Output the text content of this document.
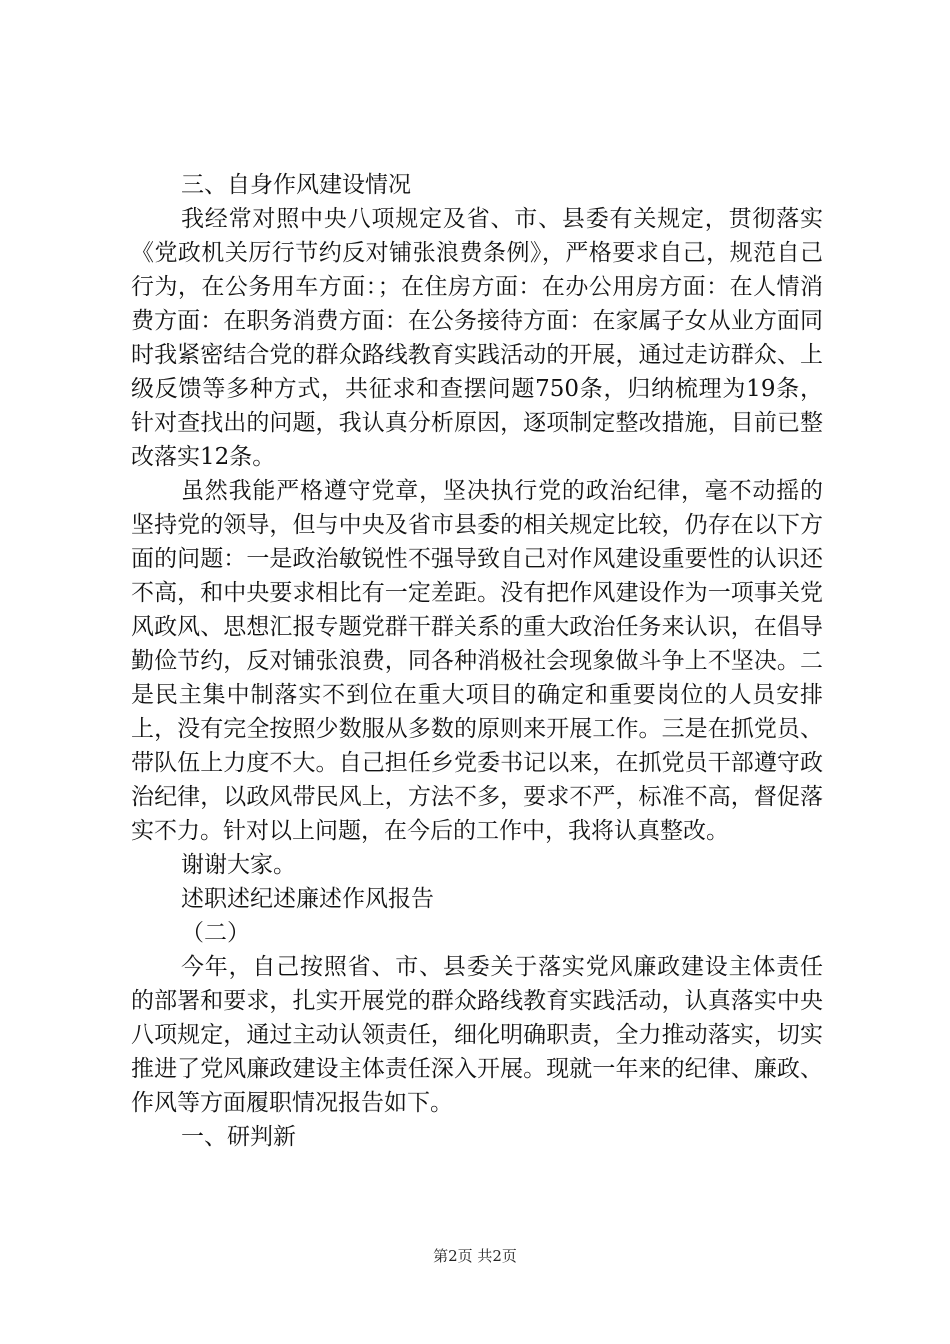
三、自身作风建设情况

我经常对照中央八项规定及省、市、县委有关规定，贯彻落实《党政机关厉行节约反对铺张浪费条例》，严格要求自己，规范自己行为，在公务用车方面：；在住房方面：在办公用房方面：在人情消费方面：在职务消费方面：在公务接待方面：在家属子女从业方面同时我紧密结合党的群众路线教育实践活动的开展，通过走访群众、上级反馈等多种方式，共征求和查摆问题750条，归纳梳理为19条，针对查找出的问题，我认真分析原因，逐项制定整改措施，目前已整改落实12条。

虽然我能严格遵守党章，坚决执行党的政治纪律，毫不动摇的坚持党的领导，但与中央及省市县委的相关规定比较，仍存在以下方面的问题：一是政治敏锐性不强导致自己对作风建设重要性的认识还不高，和中央要求相比有一定差距。没有把作风建设作为一项事关党风政风、思想汇报专题党群干群关系的重大政治任务来认识，在倡导勤俭节约，反对铺张浪费，同各种消极社会现象做斗争上不坚决。二是民主集中制落实不到位在重大项目的确定和重要岗位的人员安排上，没有完全按照少数服从多数的原则来开展工作。三是在抓党员、带队伍上力度不大。自己担任乡党委书记以来，在抓党员干部遵守政治纪律，以政风带民风上，方法不多，要求不严，标准不高，督促落实不力。针对以上问题，在今后的工作中，我将认真整改。

谢谢大家。

述职述纪述廉述作风报告

（二）

今年，自己按照省、市、县委关于落实党风廉政建设主体责任的部署和要求，扎实开展党的群众路线教育实践活动，认真落实中央八项规定，通过主动认领责任，细化明确职责，全力推动落实，切实推进了党风廉政建设主体责任深入开展。现就一年来的纪律、廉政、作风等方面履职情况报告如下。

一、研判新

第2页 共2页
